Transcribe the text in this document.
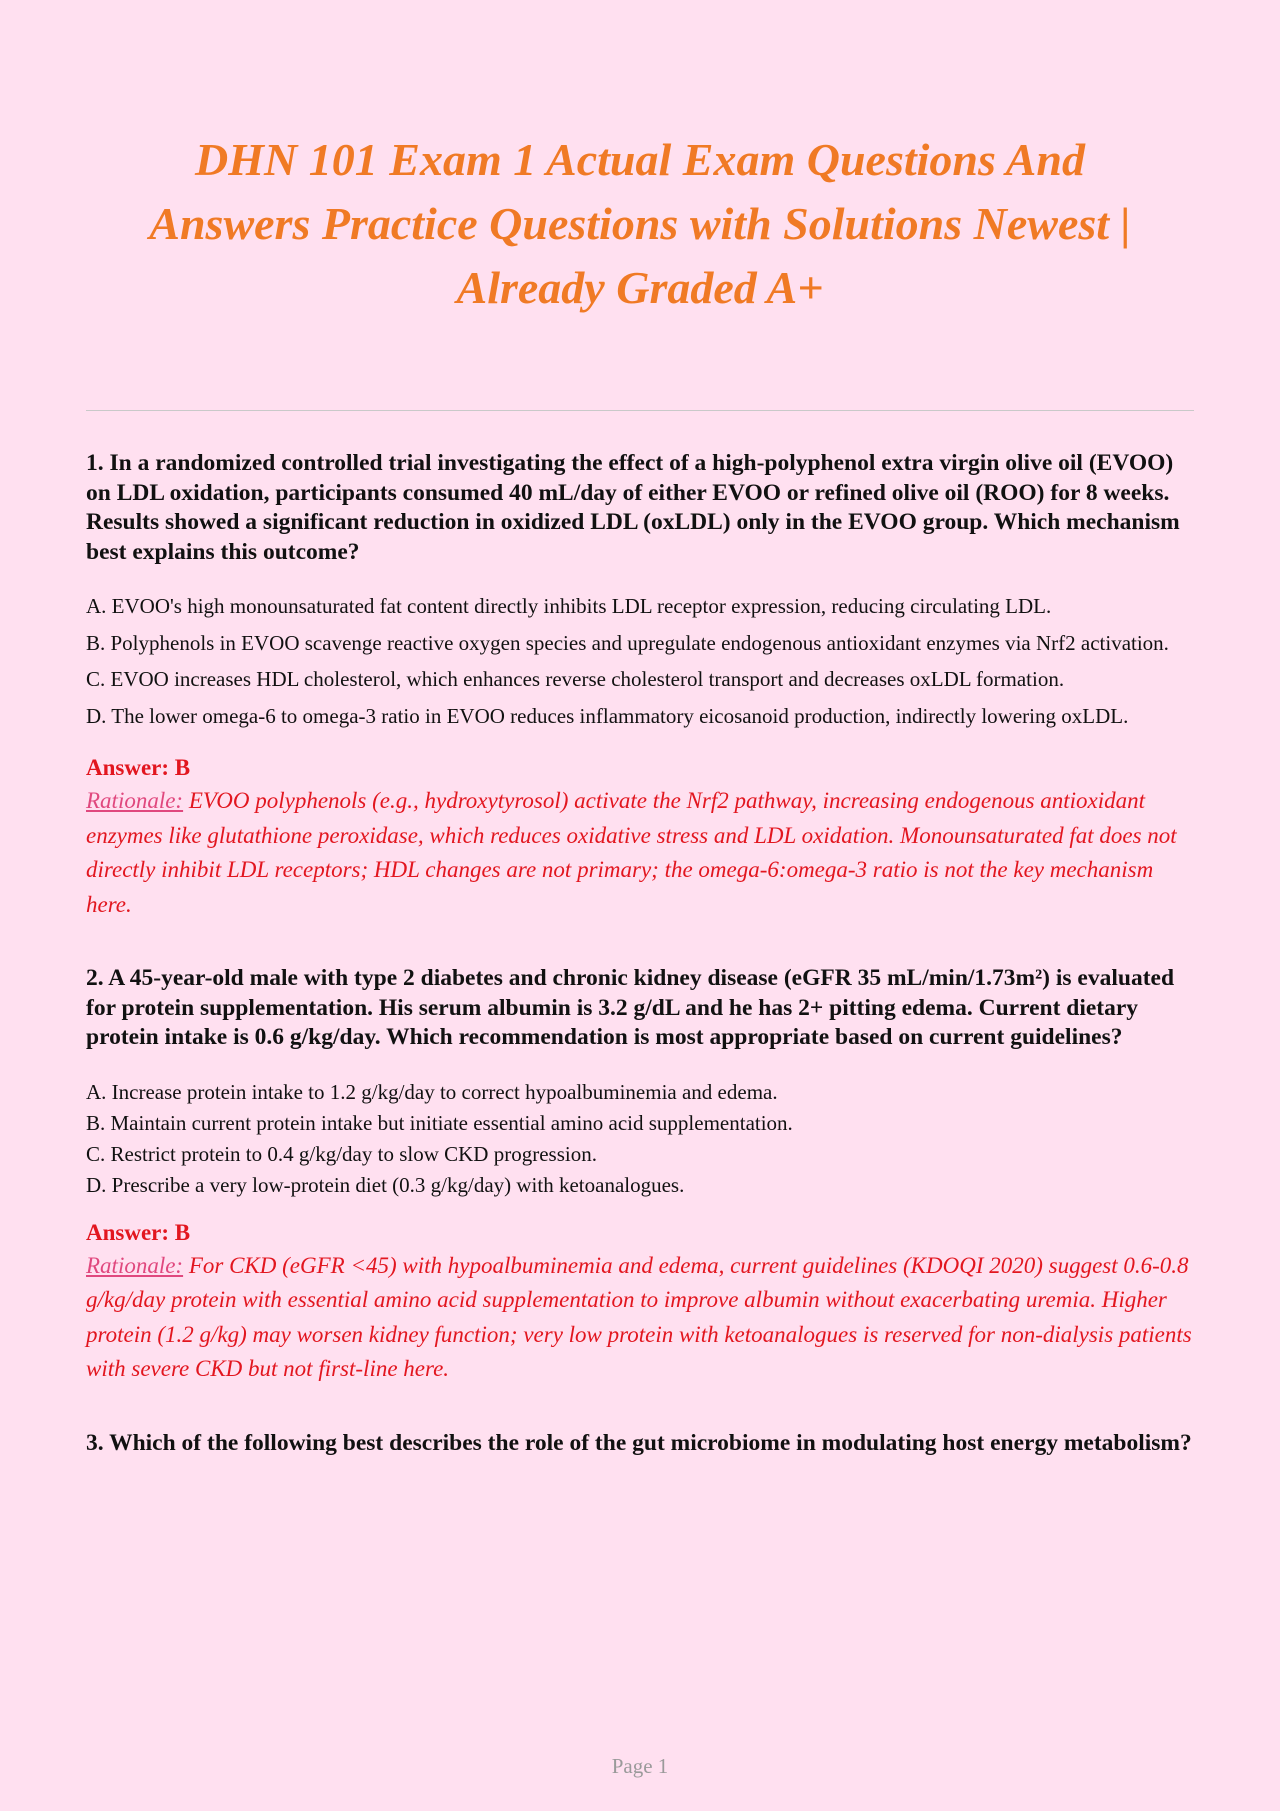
DHN 101 Exam 1 Actual Exam Questions And
Answers Practice Questions with Solutions Newest |
Already Graded A+

1. In a randomized controlled trial investigating the effect of a high-polyphenol extra virgin olive oil (EVOO) on LDL oxidation, participants consumed 40 mL/day of either EVOO or refined olive oil (ROO) for 8 weeks. Results showed a significant reduction in oxidized LDL (oxLDL) only in the EVOO group. Which mechanism best explains this outcome?

A. EVOO's high monounsaturated fat content directly inhibits LDL receptor expression, reducing circulating LDL.

B. Polyphenols in EVOO scavenge reactive oxygen species and upregulate endogenous antioxidant enzymes via Nrf2 activation.

C. EVOO increases HDL cholesterol, which enhances reverse cholesterol transport and decreases oxLDL formation.

D. The lower omega-6 to omega-3 ratio in EVOO reduces inflammatory eicosanoid production, indirectly lowering oxLDL.

Answer: B

Rationale: EVOO polyphenols (e.g., hydroxytyrosol) activate the Nrf2 pathway, increasing endogenous antioxidant enzymes like glutathione peroxidase, which reduces oxidative stress and LDL oxidation. Monounsaturated fat does not directly inhibit LDL receptors; HDL changes are not primary; the omega-6:omega-3 ratio is not the key mechanism here.

2. A 45-year-old male with type 2 diabetes and chronic kidney disease (eGFR 35 mL/min/1.73m²) is evaluated for protein supplementation. His serum albumin is 3.2 g/dL and he has 2+ pitting edema. Current dietary protein intake is 0.6 g/kg/day. Which recommendation is most appropriate based on current guidelines?

A. Increase protein intake to 1.2 g/kg/day to correct hypoalbuminemia and edema.

B. Maintain current protein intake but initiate essential amino acid supplementation.

C. Restrict protein to 0.4 g/kg/day to slow CKD progression.

D. Prescribe a very low-protein diet (0.3 g/kg/day) with ketoanalogues.

Answer: B

Rationale: For CKD (eGFR <45) with hypoalbuminemia and edema, current guidelines (KDOQI 2020) suggest 0.6-0.8 g/kg/day protein with essential amino acid supplementation to improve albumin without exacerbating uremia. Higher protein (1.2 g/kg) may worsen kidney function; very low protein with ketoanalogues is reserved for non-dialysis patients with severe CKD but not first-line here.

3. Which of the following best describes the role of the gut microbiome in modulating host energy metabolism?

Page 1
